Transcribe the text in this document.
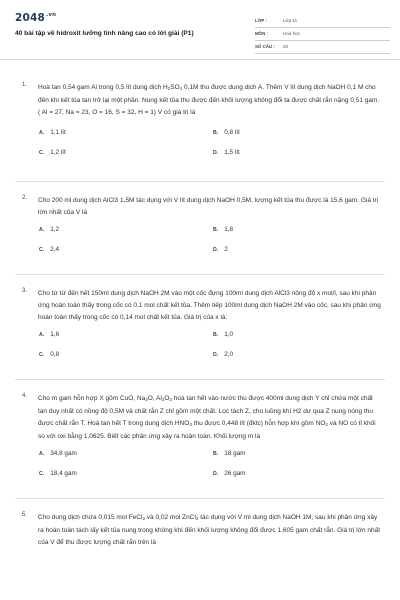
$2048^{.vn}$
40 bài tập về hidroxit lưỡng tính nâng cao có lời giải (P1)
LỚP :	Lớp 11
MÔN :	Hóa học
SỐ CÂU : 20
1. Hoà tan 0,54 gam Al trong 0,5 lít dung dịch $H_2SO_4$ 0,1M thu được dung dịch A. Thêm V lít dung dịch NaOH 0,1 M cho đến khi kết tủa tan trở lại một phần. Nung kết tủa thu được đến khối lượng không đổi ta được chất rắn nặng 0,51 gam. ( Al = 27, Na = 23, O = 16, S = 32, H = 1) V có giá trị là
A. 1,1 lít	B. 0,8 lít
C. 1,2 lít	D. 1,5 lít
2. Cho 200 ml dung dịch AlCl3 1,5M tác dụng với V lít dung dịch NaOH 0,5M, lượng kết tủa thu được là 15,6 gam. Giá trị lớn nhất của V là
A. 1,2	B. 1,8
C. 2,4	D. 2
3. Cho từ từ đến hết 150ml dung dịch NaOH 2M vào một cốc đựng 100ml dung dịch AlCl3 nồng độ x mol/l, sau khi phản ứng hoàn toàn thấy trong cốc có 0,1 mol chất kết tủa. Thêm tiếp 100ml dung dịch NaOH 2M vào cốc, sau khi phản ứng hoàn toàn thấy trong cốc có 0,14 mol chất kết tủa. Giá trị của x là:
A. 1,6	B. 1,0
C. 0,8	D. 2,0
4. Cho m gam hỗn hợp X gồm CuO, $Na_2O$, $Al_2O_3$ hoà tan hết vào nước thu được 400ml dung dịch Y chỉ chứa một chất tan duy nhất có nồng độ 0,5M và chất rắn Z chỉ gồm một chất. Lọc tách Z, cho luồng khí H2 dư qua Z nung nóng thu được chất rắn T. Hoà tan hết T trong dung dịch $HNO_3$ thu được 0,448 lít (đktc) hỗn hợp khí gồm $NO_2$ và NO có tỉ khối so với oxi bằng 1,0625. Biết các phản ứng xảy ra hoàn toàn. Khối lượng m là
A. 34,8 gam	B. 18 gam
C. 18,4 gam	D. 26 gam
5. Cho dung dịch chứa 0,015 mol FeCl$_2$ và 0,02 mol ZnCl$_2$ tác dụng với V ml dung dịch NaOH 1M, sau khi phản ứng xảy ra hoàn toàn tách lấy kết tủa nung trong không khí đến khối lượng không đổi được 1,605 gam chất rắn. Giá trị lớn nhất của V để thu được lượng chất rắn trên là
